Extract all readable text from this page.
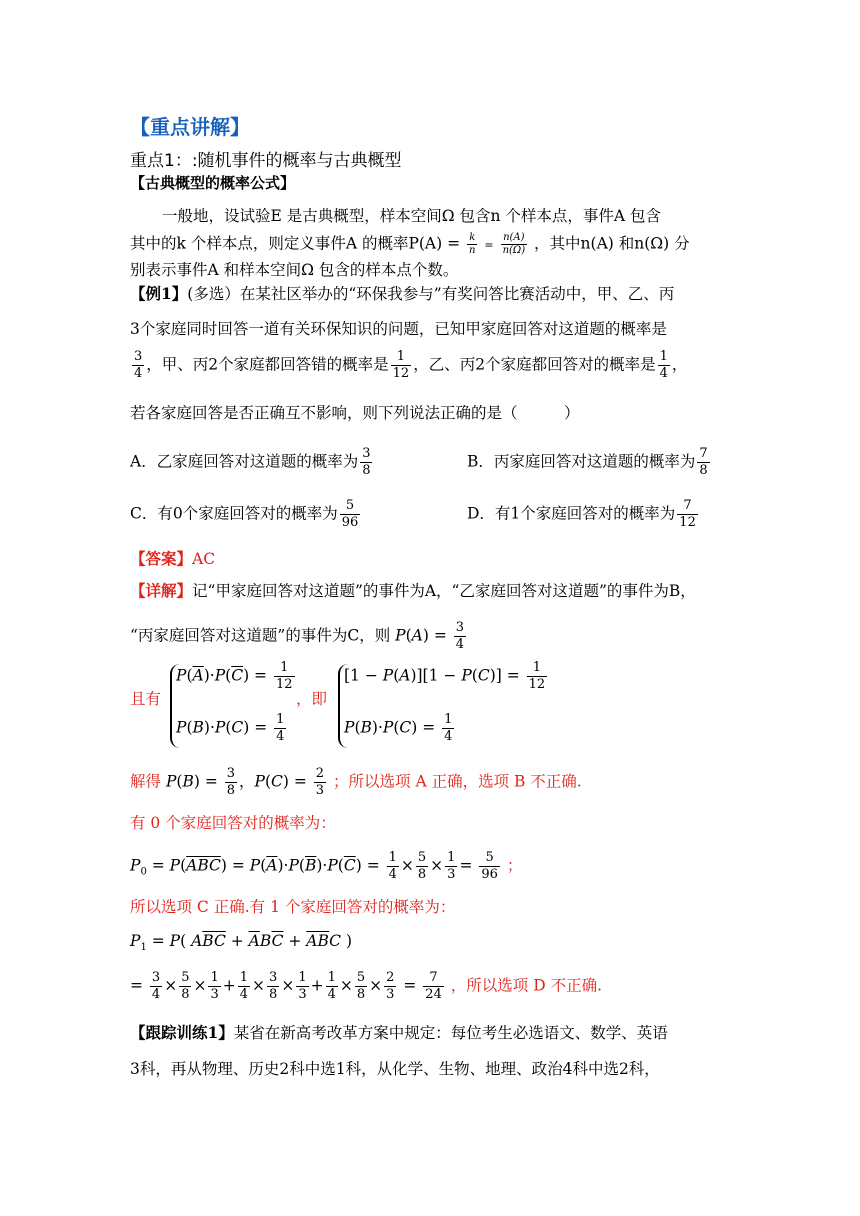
【重点讲解】
重点1：:随机事件的概率与古典概型
【古典概型的概率公式】
一般地，设试验E 是古典概型，样本空间Ω 包含n 个样本点，事件A 包含
其中的k 个样本点，则定义事件A 的概率$P(A) = \frac{k}{n} = \frac{n(A)}{n(\Omega)}$ ，其中n(A) 和n(Ω) 分
别表示事件A 和样本空间Ω 包含的样本点个数。
【例1】(多选）在某社区举办的“环保我参与”有奖问答比赛活动中，甲、乙、丙
3个家庭同时回答一道有关环保知识的问题，已知甲家庭回答对这道题的概率是
$\frac{3}{4}$ ，甲、丙2个家庭都回答错的概率是 $\frac{1}{12}$ ，乙、丙2个家庭都回答对的概率是 $\frac{1}{4}$ ，
若各家庭回答是否正确互不影响，则下列说法正确的是（　　　）
A．乙家庭回答对这道题的概率为 $\frac{3}{8}$	B．丙家庭回答对这道题的概率为 $\frac{7}{8}$
C．有0个家庭回答对的概率为 $\frac{5}{96}$	D．有1个家庭回答对的概率为 $\frac{7}{12}$
【答案】AC
【详解】记“甲家庭回答对这道题”的事件为A，“乙家庭回答对这道题”的事件为B，
“丙家庭回答对这道题”的事件为C，则 $P(A) = \frac{3}{4}$
且有
$P(\overline{A})\cdot P(\overline{C}) = \frac{1}{12}$
$P(B)\cdot P(C) = \frac{1}{4}$
，即
$[1 - P(A)][1 - P(C)] = \frac{1}{12}$
$P(B)\cdot P(C) = \frac{1}{4}$
解得 $P(B) = \frac{3}{8}$ ，$P(C) = \frac{2}{3}$ ；所以选项 A 正确，选项 B 不正确.
有 0 个家庭回答对的概率为：
$P_0 = P(\overline{ABC}) = P(\overline{A})\cdot P(\overline{B})\cdot P(\overline{C}) = \frac{1}{4} \times \frac{5}{8} \times \frac{1}{3} = \frac{5}{96}$ ；
所以选项 C 正确.有 1 个家庭回答对的概率为：
$P_1 = P$( $A\overline{BC} + \overline{A}B\overline{C} + \overline{AB}C$ )
= $\frac{3}{4} \times \frac{5}{8} \times \frac{1}{3} + \frac{1}{4} \times \frac{3}{8} \times \frac{1}{3} + \frac{1}{4} \times \frac{5}{8} \times \frac{2}{3} = \frac{7}{24}$ ，所以选项 D 不正确.
【跟踪训练1】某省在新高考改革方案中规定：每位考生必选语文、数学、英语
3科，再从物理、历史2科中选1科，从化学、生物、地理、政治4科中选2科，
